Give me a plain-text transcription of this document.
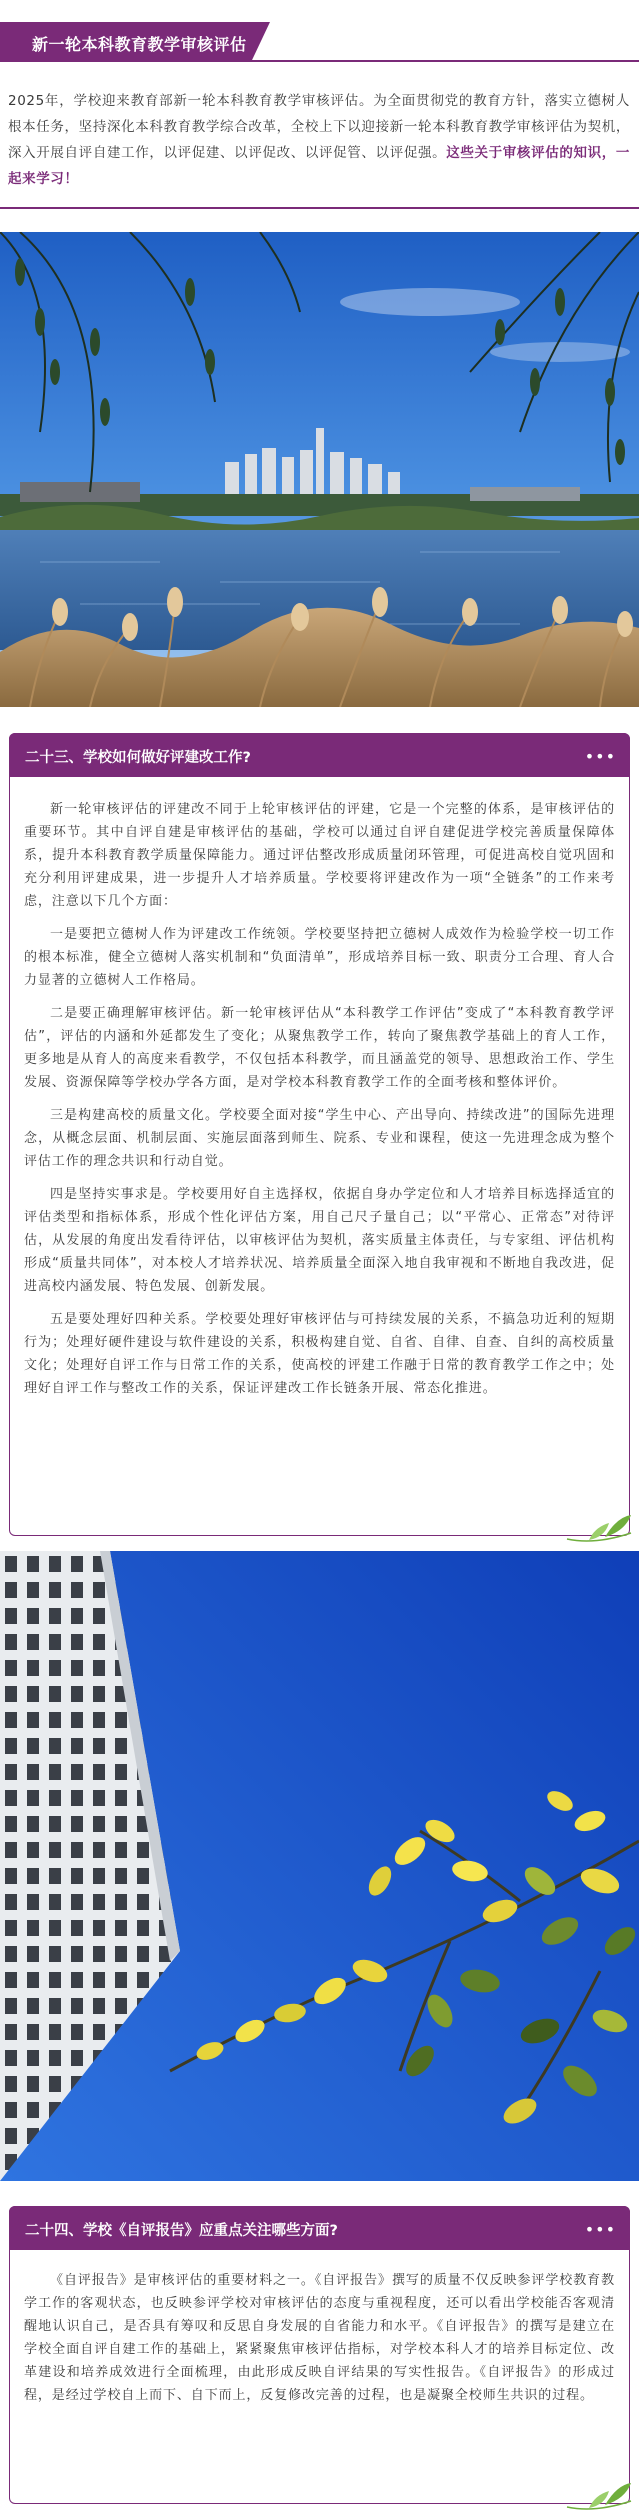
新一轮本科教育教学审核评估
2025年，学校迎来教育部新一轮本科教育教学审核评估。为全面贯彻党的教育方针，落实立德树人根本任务，坚持深化本科教育教学综合改革，全校上下以迎接新一轮本科教育教学审核评估为契机，深入开展自评自建工作，以评促建、以评促改、以评促管、以评促强。这些关于审核评估的知识，一起来学习！
二十三、学校如何做好评建改工作?	•••

新一轮审核评估的评建改不同于上轮审核评估的评建，它是一个完整的体系，是审核评估的重要环节。其中自评自建是审核评估的基础，学校可以通过自评自建促进学校完善质量保障体系，提升本科教育教学质量保障能力。通过评估整改形成质量闭环管理，可促进高校自觉巩固和充分利用评建成果，进一步提升人才培养质量。学校要将评建改作为一项“全链条”的工作来考虑，注意以下几个方面：

一是要把立德树人作为评建改工作统领。学校要坚持把立德树人成效作为检验学校一切工作的根本标准，健全立德树人落实机制和“负面清单”，形成培养目标一致、职责分工合理、育人合力显著的立德树人工作格局。

二是要正确理解审核评估。新一轮审核评估从“本科教学工作评估”变成了“本科教育教学评估”，评估的内涵和外延都发生了变化；从聚焦教学工作，转向了聚焦教学基础上的育人工作，更多地是从育人的高度来看教学，不仅包括本科教学，而且涵盖党的领导、思想政治工作、学生发展、资源保障等学校办学各方面，是对学校本科教育教学工作的全面考核和整体评价。

三是构建高校的质量文化。学校要全面对接“学生中心、产出导向、持续改进”的国际先进理念，从概念层面、机制层面、实施层面落到师生、院系、专业和课程，使这一先进理念成为整个评估工作的理念共识和行动自觉。

四是坚持实事求是。学校要用好自主选择权，依据自身办学定位和人才培养目标选择适宜的评估类型和指标体系，形成个性化评估方案，用自己尺子量自己；以“平常心、正常态”对待评估，从发展的角度出发看待评估，以审核评估为契机，落实质量主体责任，与专家组、评估机构形成“质量共同体”，对本校人才培养状况、培养质量全面深入地自我审视和不断地自我改进，促进高校内涵发展、特色发展、创新发展。

五是要处理好四种关系。学校要处理好审核评估与可持续发展的关系，不搞急功近利的短期行为；处理好硬件建设与软件建设的关系，积极构建自觉、自省、自律、自查、自纠的高校质量文化；处理好自评工作与日常工作的关系，使高校的评建工作融于日常的教育教学工作之中；处理好自评工作与整改工作的关系，保证评建改工作长链条开展、常态化推进。

二十四、学校《自评报告》应重点关注哪些方面?	•••

《自评报告》是审核评估的重要材料之一。《自评报告》撰写的质量不仅反映参评学校教育教学工作的客观状态，也反映参评学校对审核评估的态度与重视程度，还可以看出学校能否客观清醒地认识自己，是否具有筹叹和反思自身发展的自省能力和水平。《自评报告》的撰写是建立在学校全面自评自建工作的基础上，紧紧聚焦审核评估指标，对学校本科人才的培养目标定位、改革建设和培养成效进行全面梳理，由此形成反映自评结果的写实性报告。《自评报告》的形成过程，是经过学校自上而下、自下而上，反复修改完善的过程，也是凝聚全校师生共识的过程。
